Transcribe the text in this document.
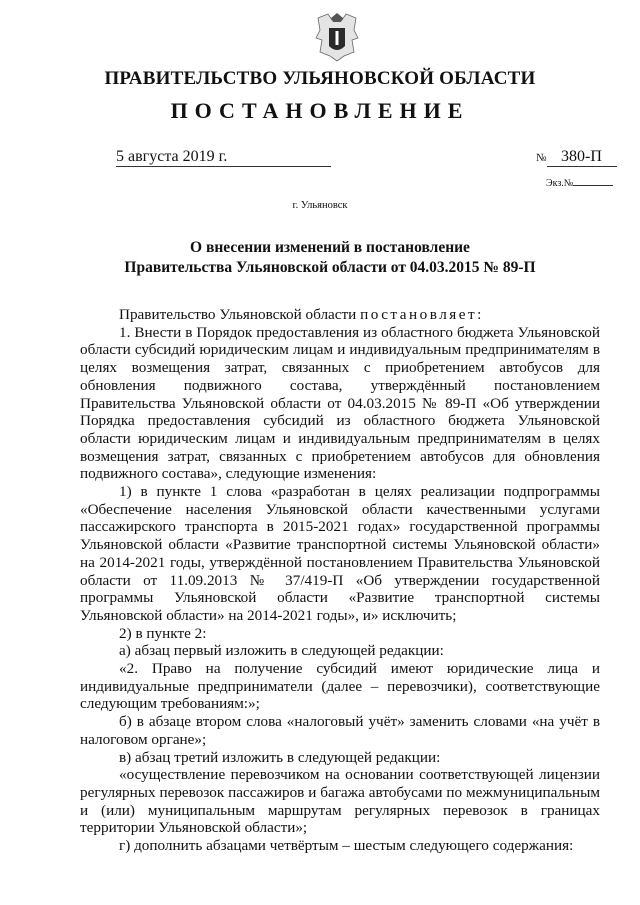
ПРАВИТЕЛЬСТВО УЛЬЯНОВСКОЙ ОБЛАСТИ
ПОСТАНОВЛЕНИЕ
5 августа 2019 г.	№ 380-П
Экз.№
г. Ульяновск
О внесении изменений в постановление
Правительства Ульяновской области от 04.03.2015 № 89-П

Правительство Ульяновской области постановляет:

1. Внести в Порядок предоставления из областного бюджета Ульяновской области субсидий юридическим лицам и индивидуальным предпринимателям в целях возмещения затрат, связанных с приобретением автобусов для обновления подвижного состава, утверждённый постановлением Правительства Ульяновской области от 04.03.2015 № 89-П «Об утверждении Порядка предоставления субсидий из областного бюджета Ульяновской области юридическим лицам и индивидуальным предпринимателям в целях возмещения затрат, связанных с приобретением автобусов для обновления подвижного состава», следующие изменения:

1) в пункте 1 слова «разработан в целях реализации подпрограммы «Обеспечение населения Ульяновской области качественными услугами пассажирского транспорта в 2015-2021 годах» государственной программы Ульяновской области «Развитие транспортной системы Ульяновской области» на 2014-2021 годы, утверждённой постановлением Правительства Ульяновской области от 11.09.2013 № 37/419-П «Об утверждении государственной программы Ульяновской области «Развитие транспортной системы Ульяновской области» на 2014-2021 годы», и» исключить;

2) в пункте 2:

а) абзац первый изложить в следующей редакции:

«2. Право на получение субсидий имеют юридические лица и индивидуальные предприниматели (далее – перевозчики), соответствующие следующим требованиям:»;

б) в абзаце втором слова «налоговый учёт» заменить словами «на учёт в налоговом органе»;

в) абзац третий изложить в следующей редакции:

«осуществление перевозчиком на основании соответствующей лицензии регулярных перевозок пассажиров и багажа автобусами по межмуниципальным и (или) муниципальным маршрутам регулярных перевозок в границах территории Ульяновской области»;

г) дополнить абзацами четвёртым – шестым следующего содержания:
